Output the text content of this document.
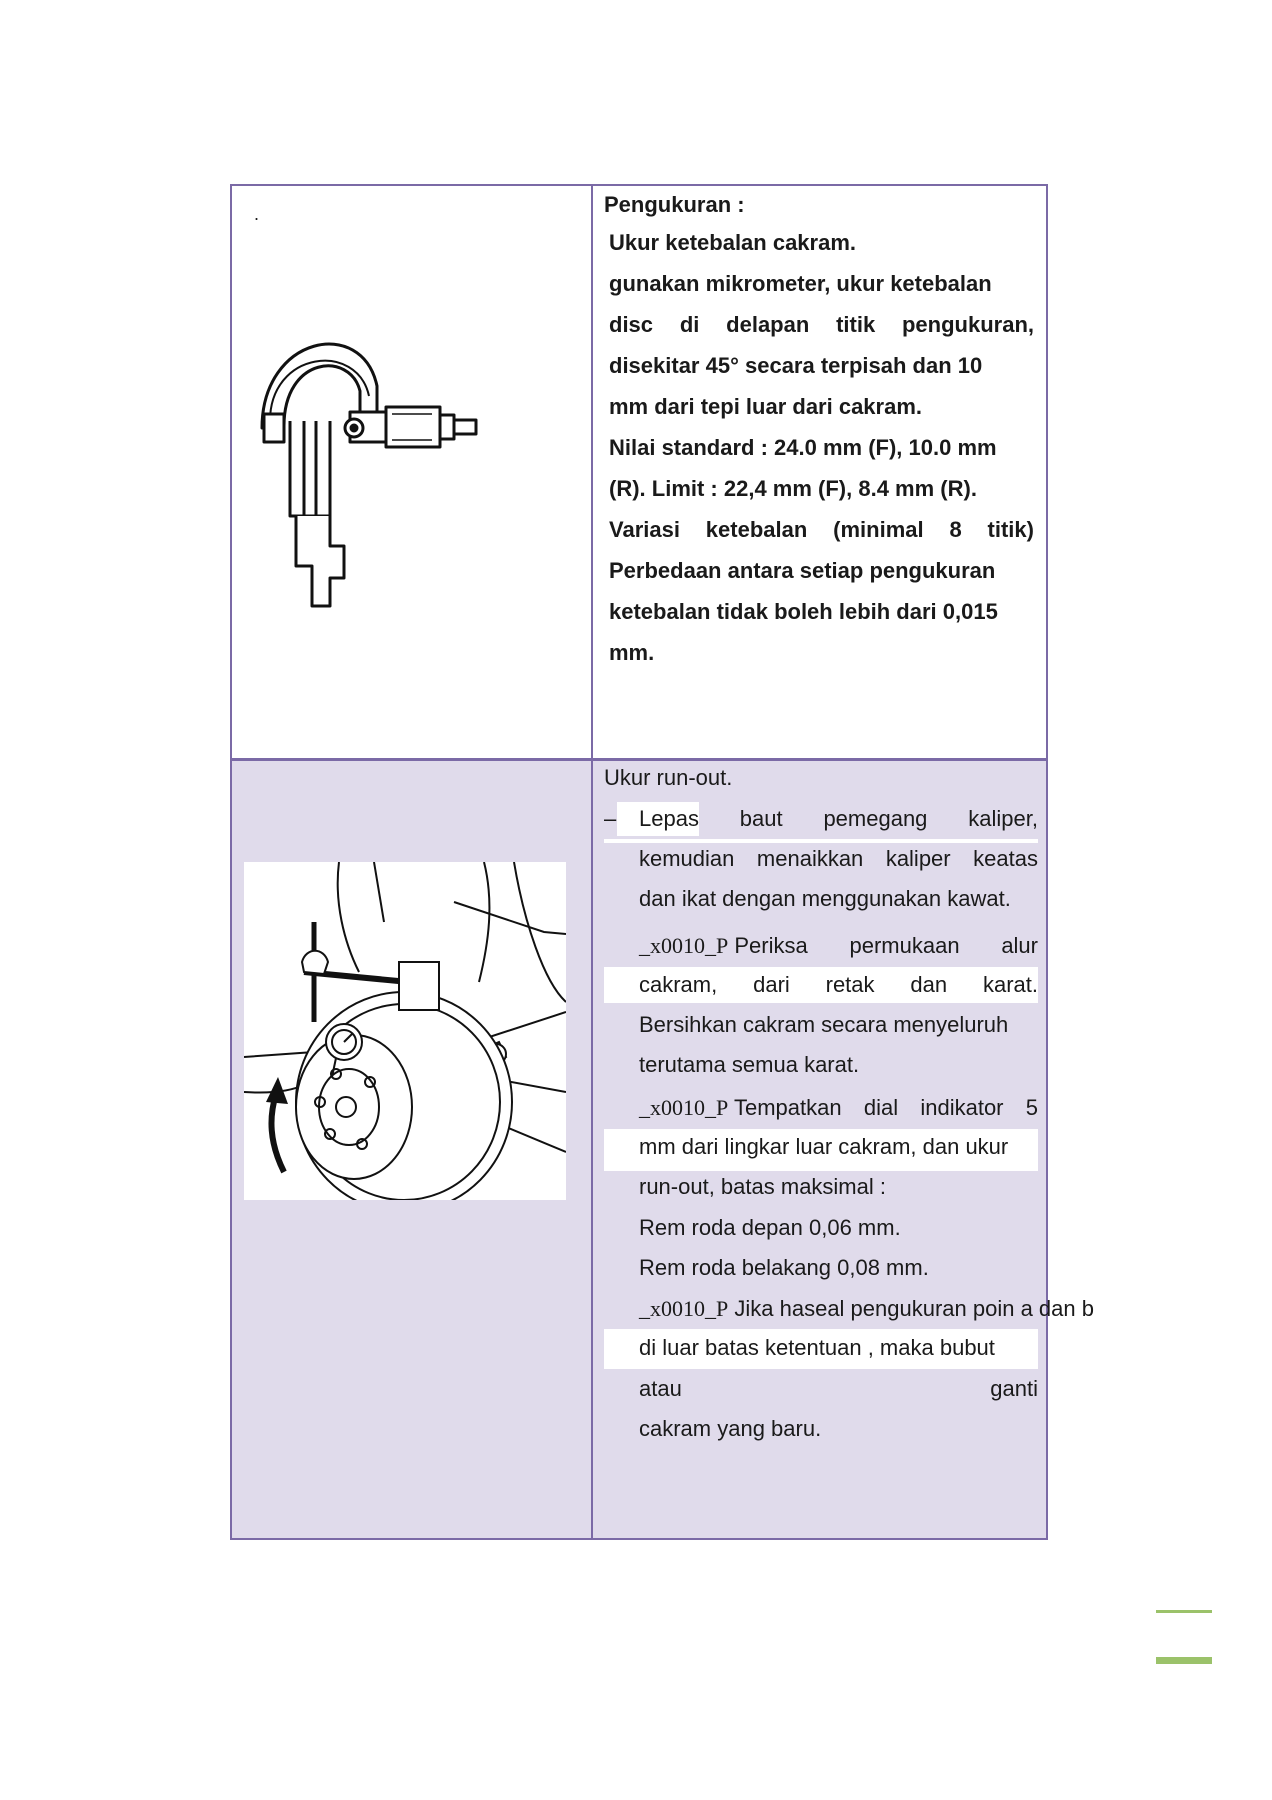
.	Pengukuran :
Ukur ketebalan cakram.
gunakan mikrometer, ukur ketebalan
disc di delapan titik pengukuran,
disekitar 45° secara terpisah dan 10
mm dari tepi luar dari cakram.
Nilai standard : 24.0 mm (F), 10.0 mm
(R). Limit : 22,4 mm (F), 8.4 mm (R).
Variasi ketebalan (minimal 8 titik)
Perbedaan antara setiap pengukuran
ketebalan tidak boleh lebih dari 0,015
mm.
Ukur run-out.
–	Lepas baut pemegang kaliper,
kemudian menaikkan kaliper keatas
dan ikat dengan menggunakan kawat.
_x0010_P Periksa permukaan alur
cakram, dari retak dan karat.
Bersihkan cakram secara menyeluruh
terutama semua karat.
_x0010_P Tempatkan dial indikator 5
mm dari lingkar luar cakram, dan ukur
run-out, batas maksimal :
Rem roda depan 0,06 mm.
Rem roda belakang 0,08 mm.
_x0010_P Jika haseal pengukuran poin a dan b
di luar batas ketentuan , maka bubut
atau	ganti
cakram yang baru.
